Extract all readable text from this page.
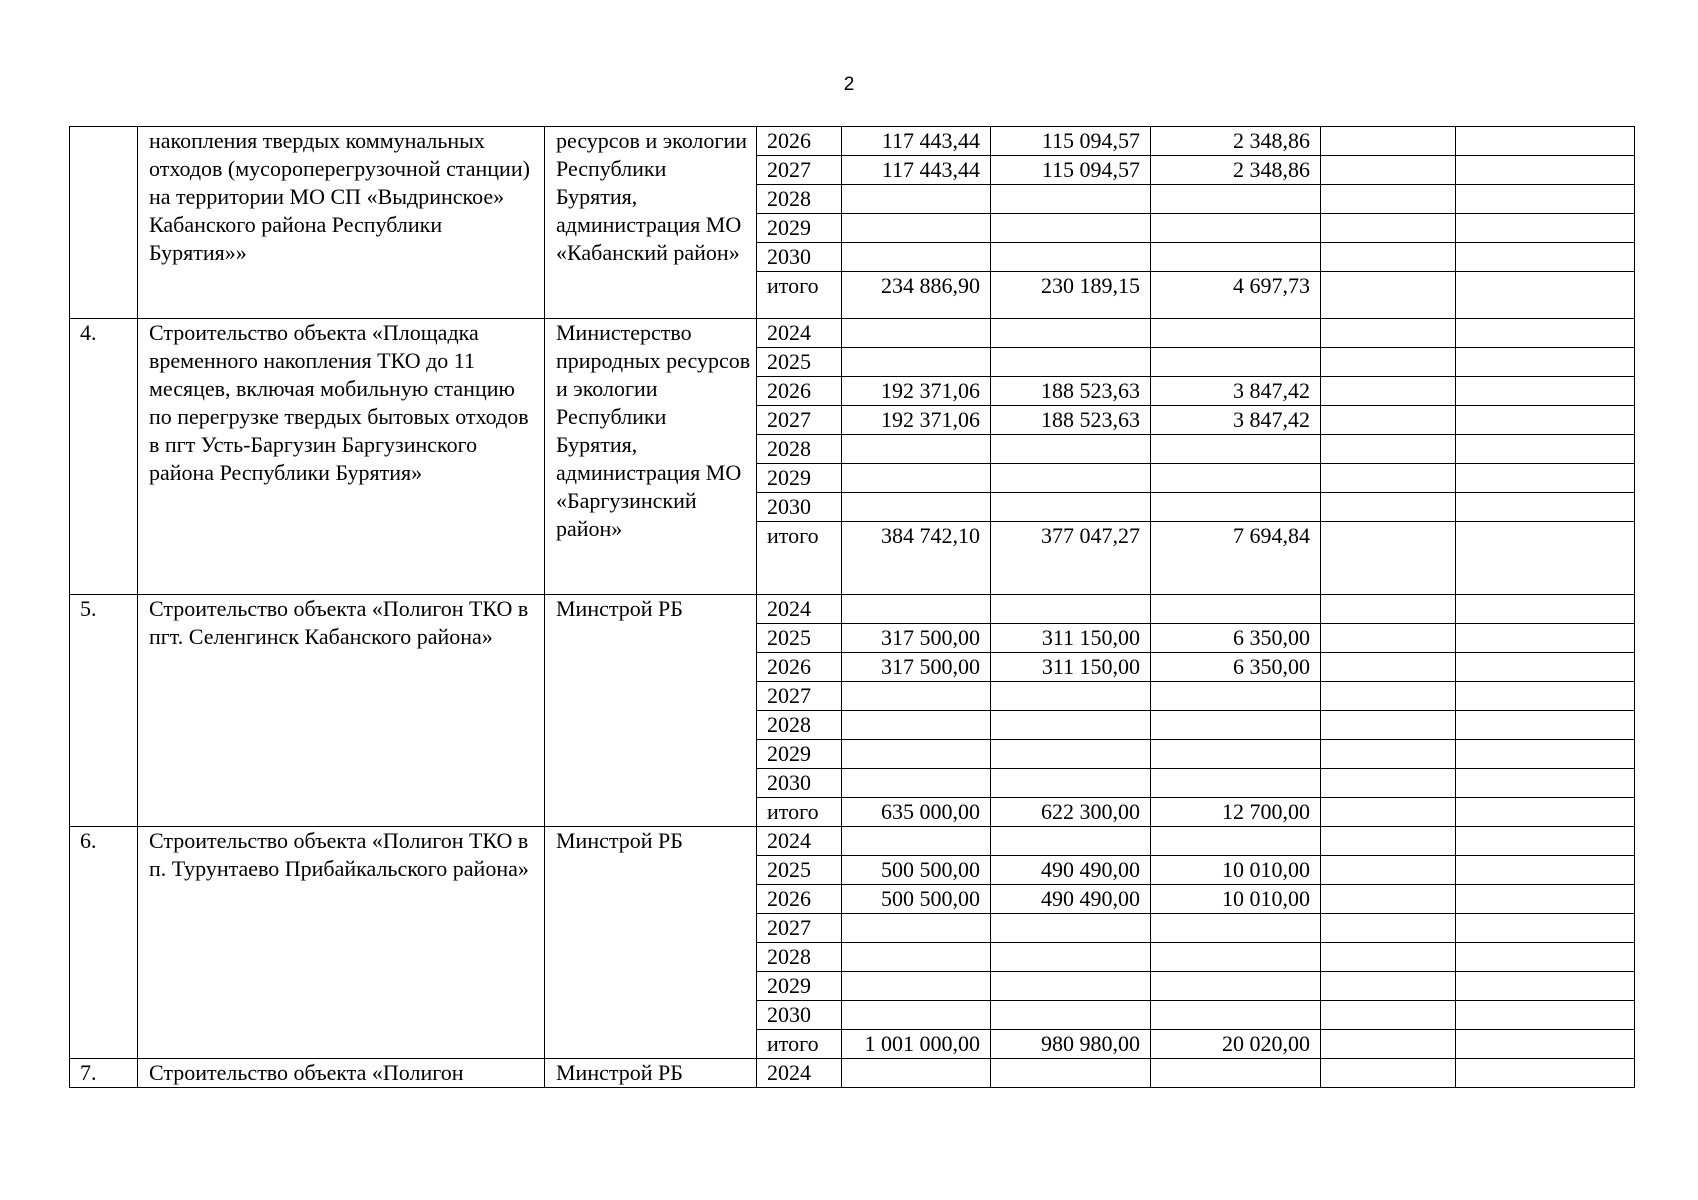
2
	накопления твердых коммунальных отходов (мусороперегрузочной станции) на территории МО СП «Выдринское» Кабанского района Республики Бурятия»»	ресурсов и экологии Республики Бурятия, администрация МО «Кабанский район»	2026	117 443,44	115 094,57	2 348,86		
			2027	117 443,44	115 094,57	2 348,86		
			2028					
			2029					
			2030					
			итого	234 886,90	230 189,15	4 697,73		
4.	Строительство объекта «Площадка временного накопления ТКО до 11 месяцев, включая мобильную станцию по перегрузке твердых бытовых отходов в пгт Усть-Баргузин Баргузинского района Республики Бурятия»	Министерство природных ресурсов и экологии Республики Бурятия, администрация МО «Баргузинский район»	2024					
			2025					
			2026	192 371,06	188 523,63	3 847,42		
			2027	192 371,06	188 523,63	3 847,42		
			2028					
			2029					
			2030					
			итого	384 742,10	377 047,27	7 694,84		
5.	Строительство объекта «Полигон ТКО в пгт. Селенгинск Кабанского района»	Минстрой РБ	2024					
			2025	317 500,00	311 150,00	6 350,00		
			2026	317 500,00	311 150,00	6 350,00		
			2027					
			2028					
			2029					
			2030					
			итого	635 000,00	622 300,00	12 700,00		
6.	Строительство объекта «Полигон ТКО в п. Турунтаево Прибайкальского района»	Минстрой РБ	2024					
			2025	500 500,00	490 490,00	10 010,00		
			2026	500 500,00	490 490,00	10 010,00		
			2027					
			2028					
			2029					
			2030					
			итого	1 001 000,00	980 980,00	20 020,00		
7.	Строительство объекта «Полигон	Минстрой РБ	2024					
